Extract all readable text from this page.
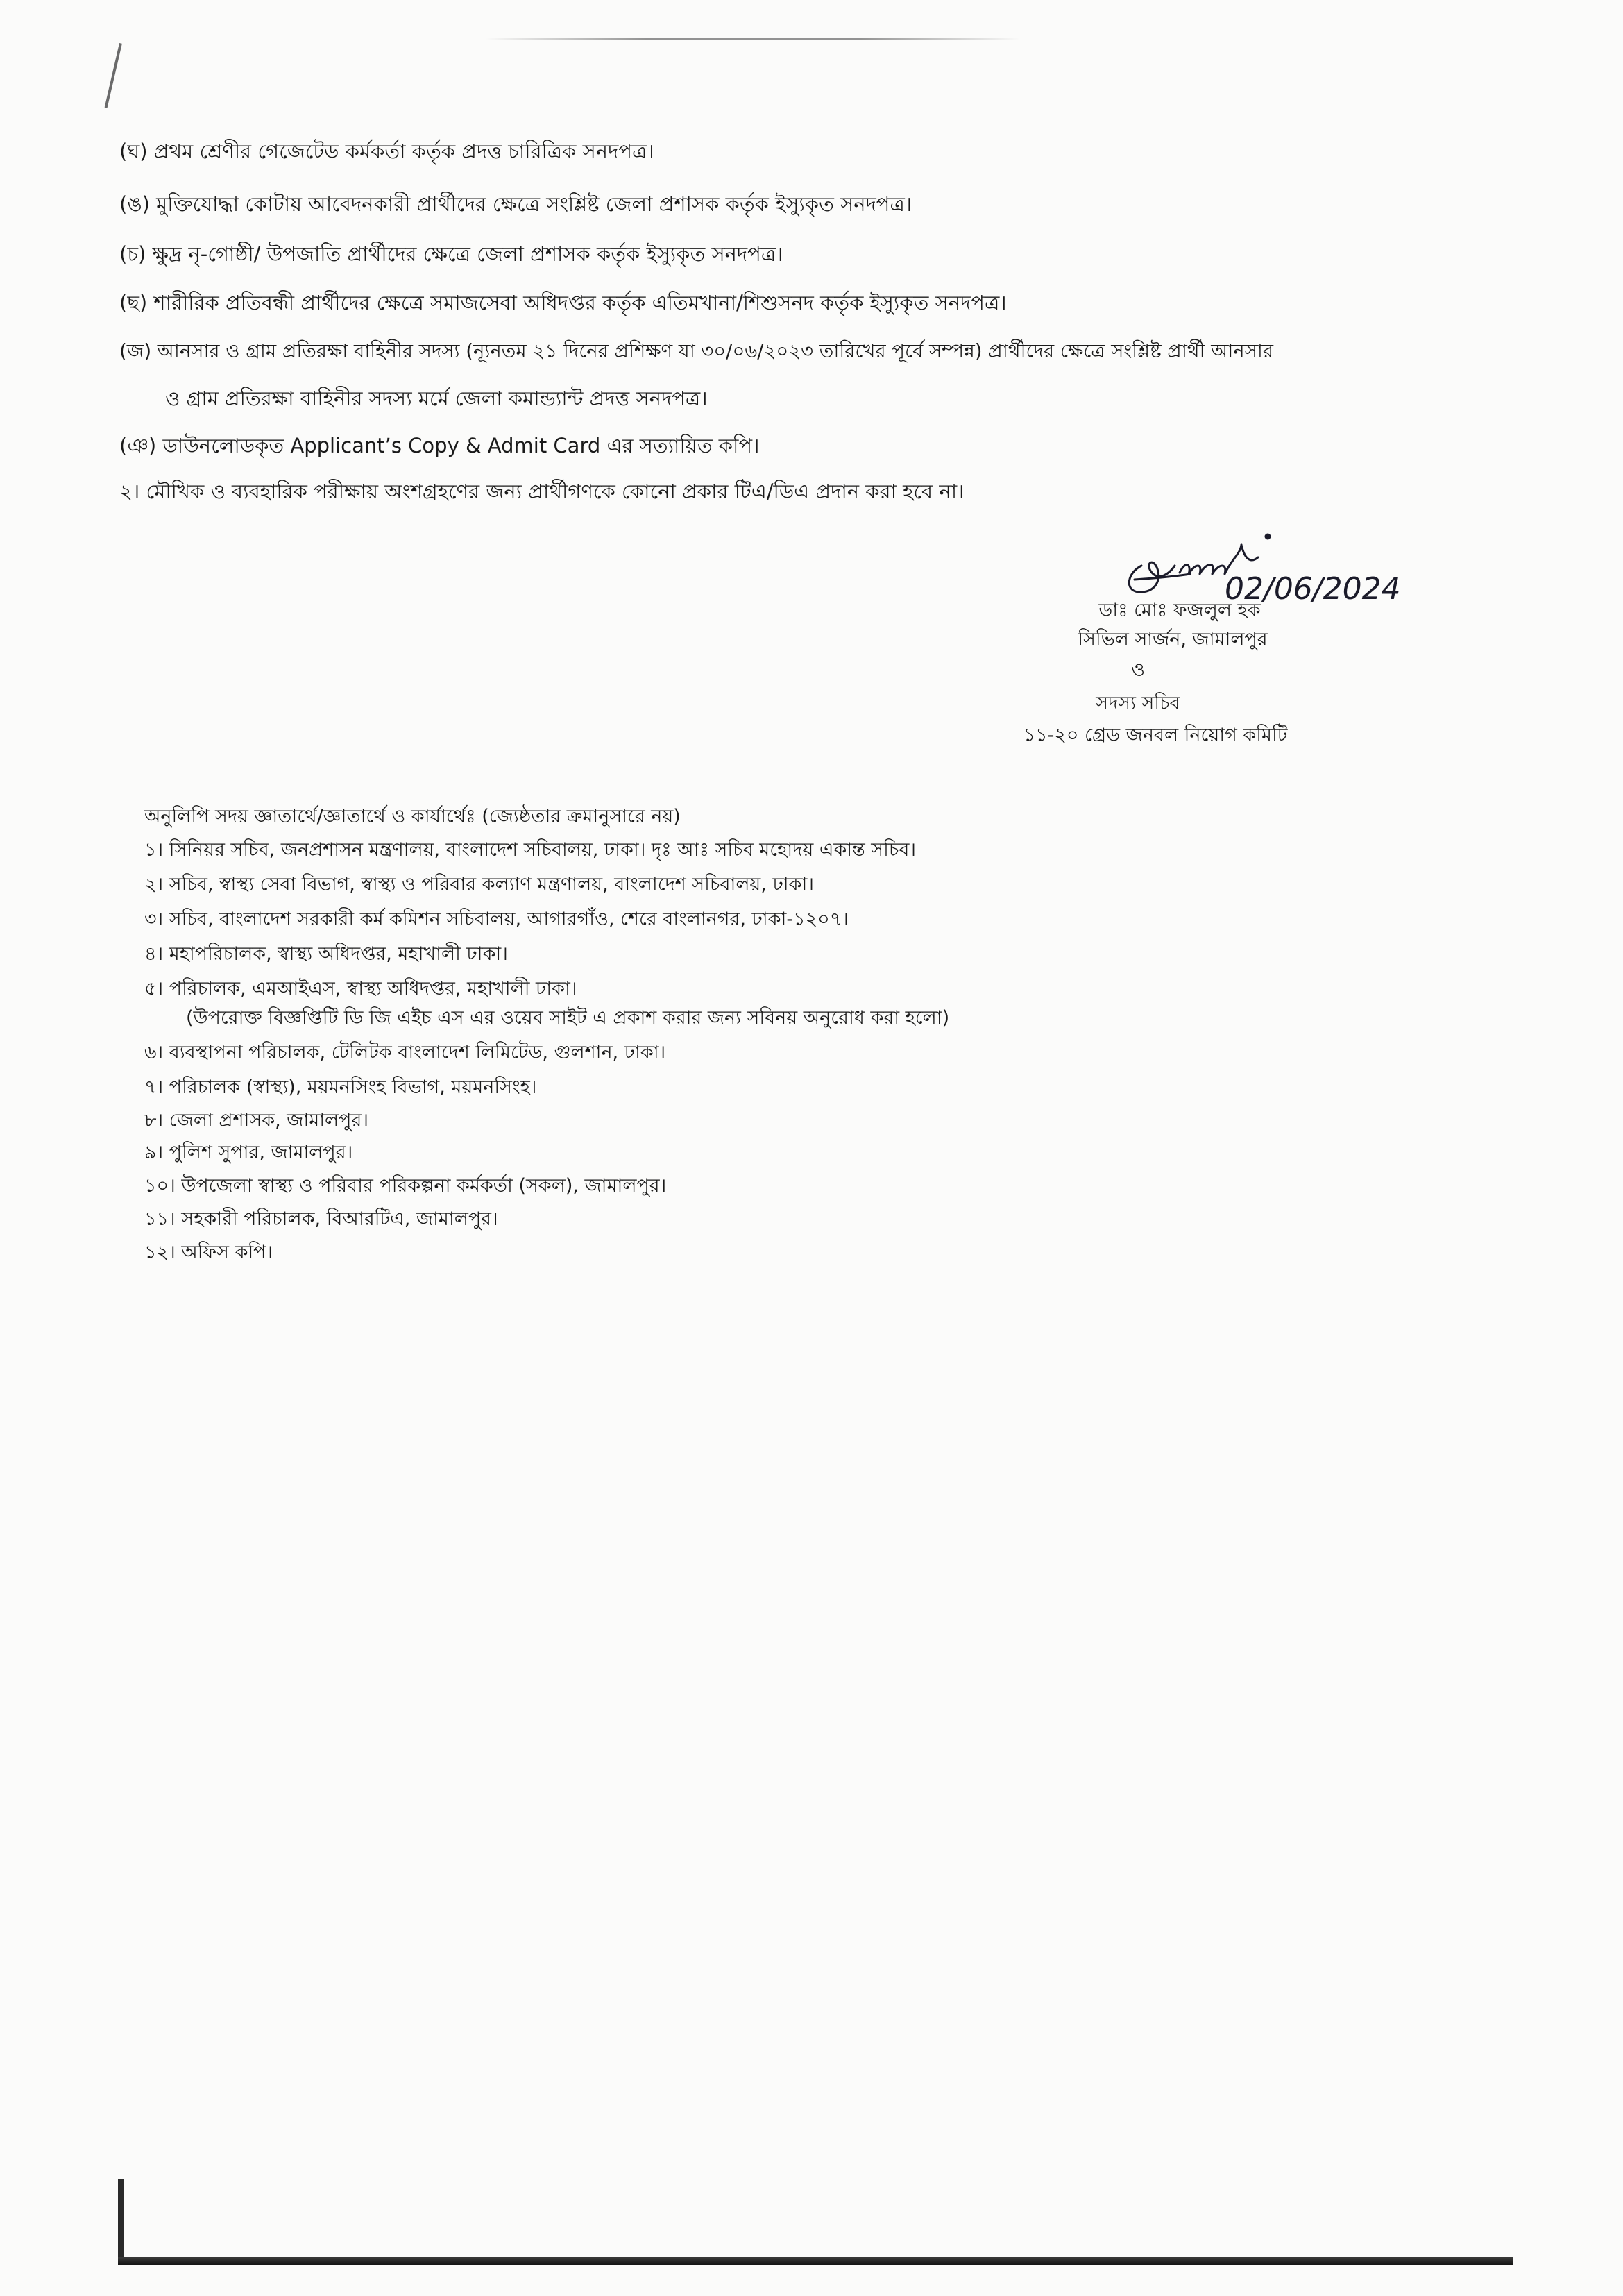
(ঘ) প্রথম শ্রেণীর গেজেটেড কর্মকর্তা কর্তৃক প্রদত্ত চারিত্রিক সনদপত্র।
(ঙ) মুক্তিযোদ্ধা কোটায় আবেদনকারী প্রার্থীদের ক্ষেত্রে সংশ্লিষ্ট জেলা প্রশাসক কর্তৃক ইস্যুকৃত সনদপত্র।
(চ) ক্ষুদ্র নৃ-গোষ্ঠী/ উপজাতি প্রার্থীদের ক্ষেত্রে জেলা প্রশাসক কর্তৃক ইস্যুকৃত সনদপত্র।
(ছ) শারীরিক প্রতিবন্ধী প্রার্থীদের ক্ষেত্রে সমাজসেবা অধিদপ্তর কর্তৃক এতিমখানা/শিশুসনদ কর্তৃক ইস্যুকৃত সনদপত্র।
(জ) আনসার ও গ্রাম প্রতিরক্ষা বাহিনীর সদস্য (ন্যূনতম ২১ দিনের প্রশিক্ষণ যা ৩০/০৬/২০২৩ তারিখের পূর্বে সম্পন্ন) প্রার্থীদের ক্ষেত্রে সংশ্লিষ্ট প্রার্থী আনসার
ও গ্রাম প্রতিরক্ষা বাহিনীর সদস্য মর্মে জেলা কমান্ড্যান্ট প্রদত্ত সনদপত্র।
(ঞ) ডাউনলোডকৃত Applicant’s Copy & Admit Card এর সত্যায়িত কপি।
২। মৌখিক ও ব্যবহারিক পরীক্ষায় অংশগ্রহণের জন্য প্রার্থীগণকে কোনো প্রকার টিএ/ডিএ প্রদান করা হবে না।
02/06/2024
ডাঃ মোঃ ফজলুল হক
সিভিল সার্জন, জামালপুর
ও
সদস্য সচিব
১১-২০ গ্রেড জনবল নিয়োগ কমিটি
অনুলিপি সদয় জ্ঞাতার্থে/জ্ঞাতার্থে ও কার্যার্থেঃ (জ্যেষ্ঠতার ক্রমানুসারে নয়)
১। সিনিয়র সচিব, জনপ্রশাসন মন্ত্রণালয়, বাংলাদেশ সচিবালয়, ঢাকা। দৃঃ আঃ সচিব মহোদয় একান্ত সচিব।
২। সচিব, স্বাস্থ্য সেবা বিভাগ, স্বাস্থ্য ও পরিবার কল্যাণ মন্ত্রণালয়, বাংলাদেশ সচিবালয়, ঢাকা।
৩। সচিব, বাংলাদেশ সরকারী কর্ম কমিশন সচিবালয়, আগারগাঁও, শেরে বাংলানগর, ঢাকা-১২০৭।
৪। মহাপরিচালক, স্বাস্থ্য অধিদপ্তর, মহাখালী ঢাকা।
৫। পরিচালক, এমআইএস, স্বাস্থ্য অধিদপ্তর, মহাখালী ঢাকা।
(উপরোক্ত বিজ্ঞপ্তিটি ডি জি এইচ এস এর ওয়েব সাইট এ প্রকাশ করার জন্য সবিনয় অনুরোধ করা হলো)
৬। ব্যবস্থাপনা পরিচালক, টেলিটক বাংলাদেশ লিমিটেড, গুলশান, ঢাকা।
৭। পরিচালক (স্বাস্থ্য), ময়মনসিংহ বিভাগ, ময়মনসিংহ।
৮। জেলা প্রশাসক, জামালপুর।
৯। পুলিশ সুপার, জামালপুর।
১০। উপজেলা স্বাস্থ্য ও পরিবার পরিকল্পনা কর্মকর্তা (সকল), জামালপুর।
১১। সহকারী পরিচালক, বিআরটিএ, জামালপুর।
১২। অফিস কপি।
